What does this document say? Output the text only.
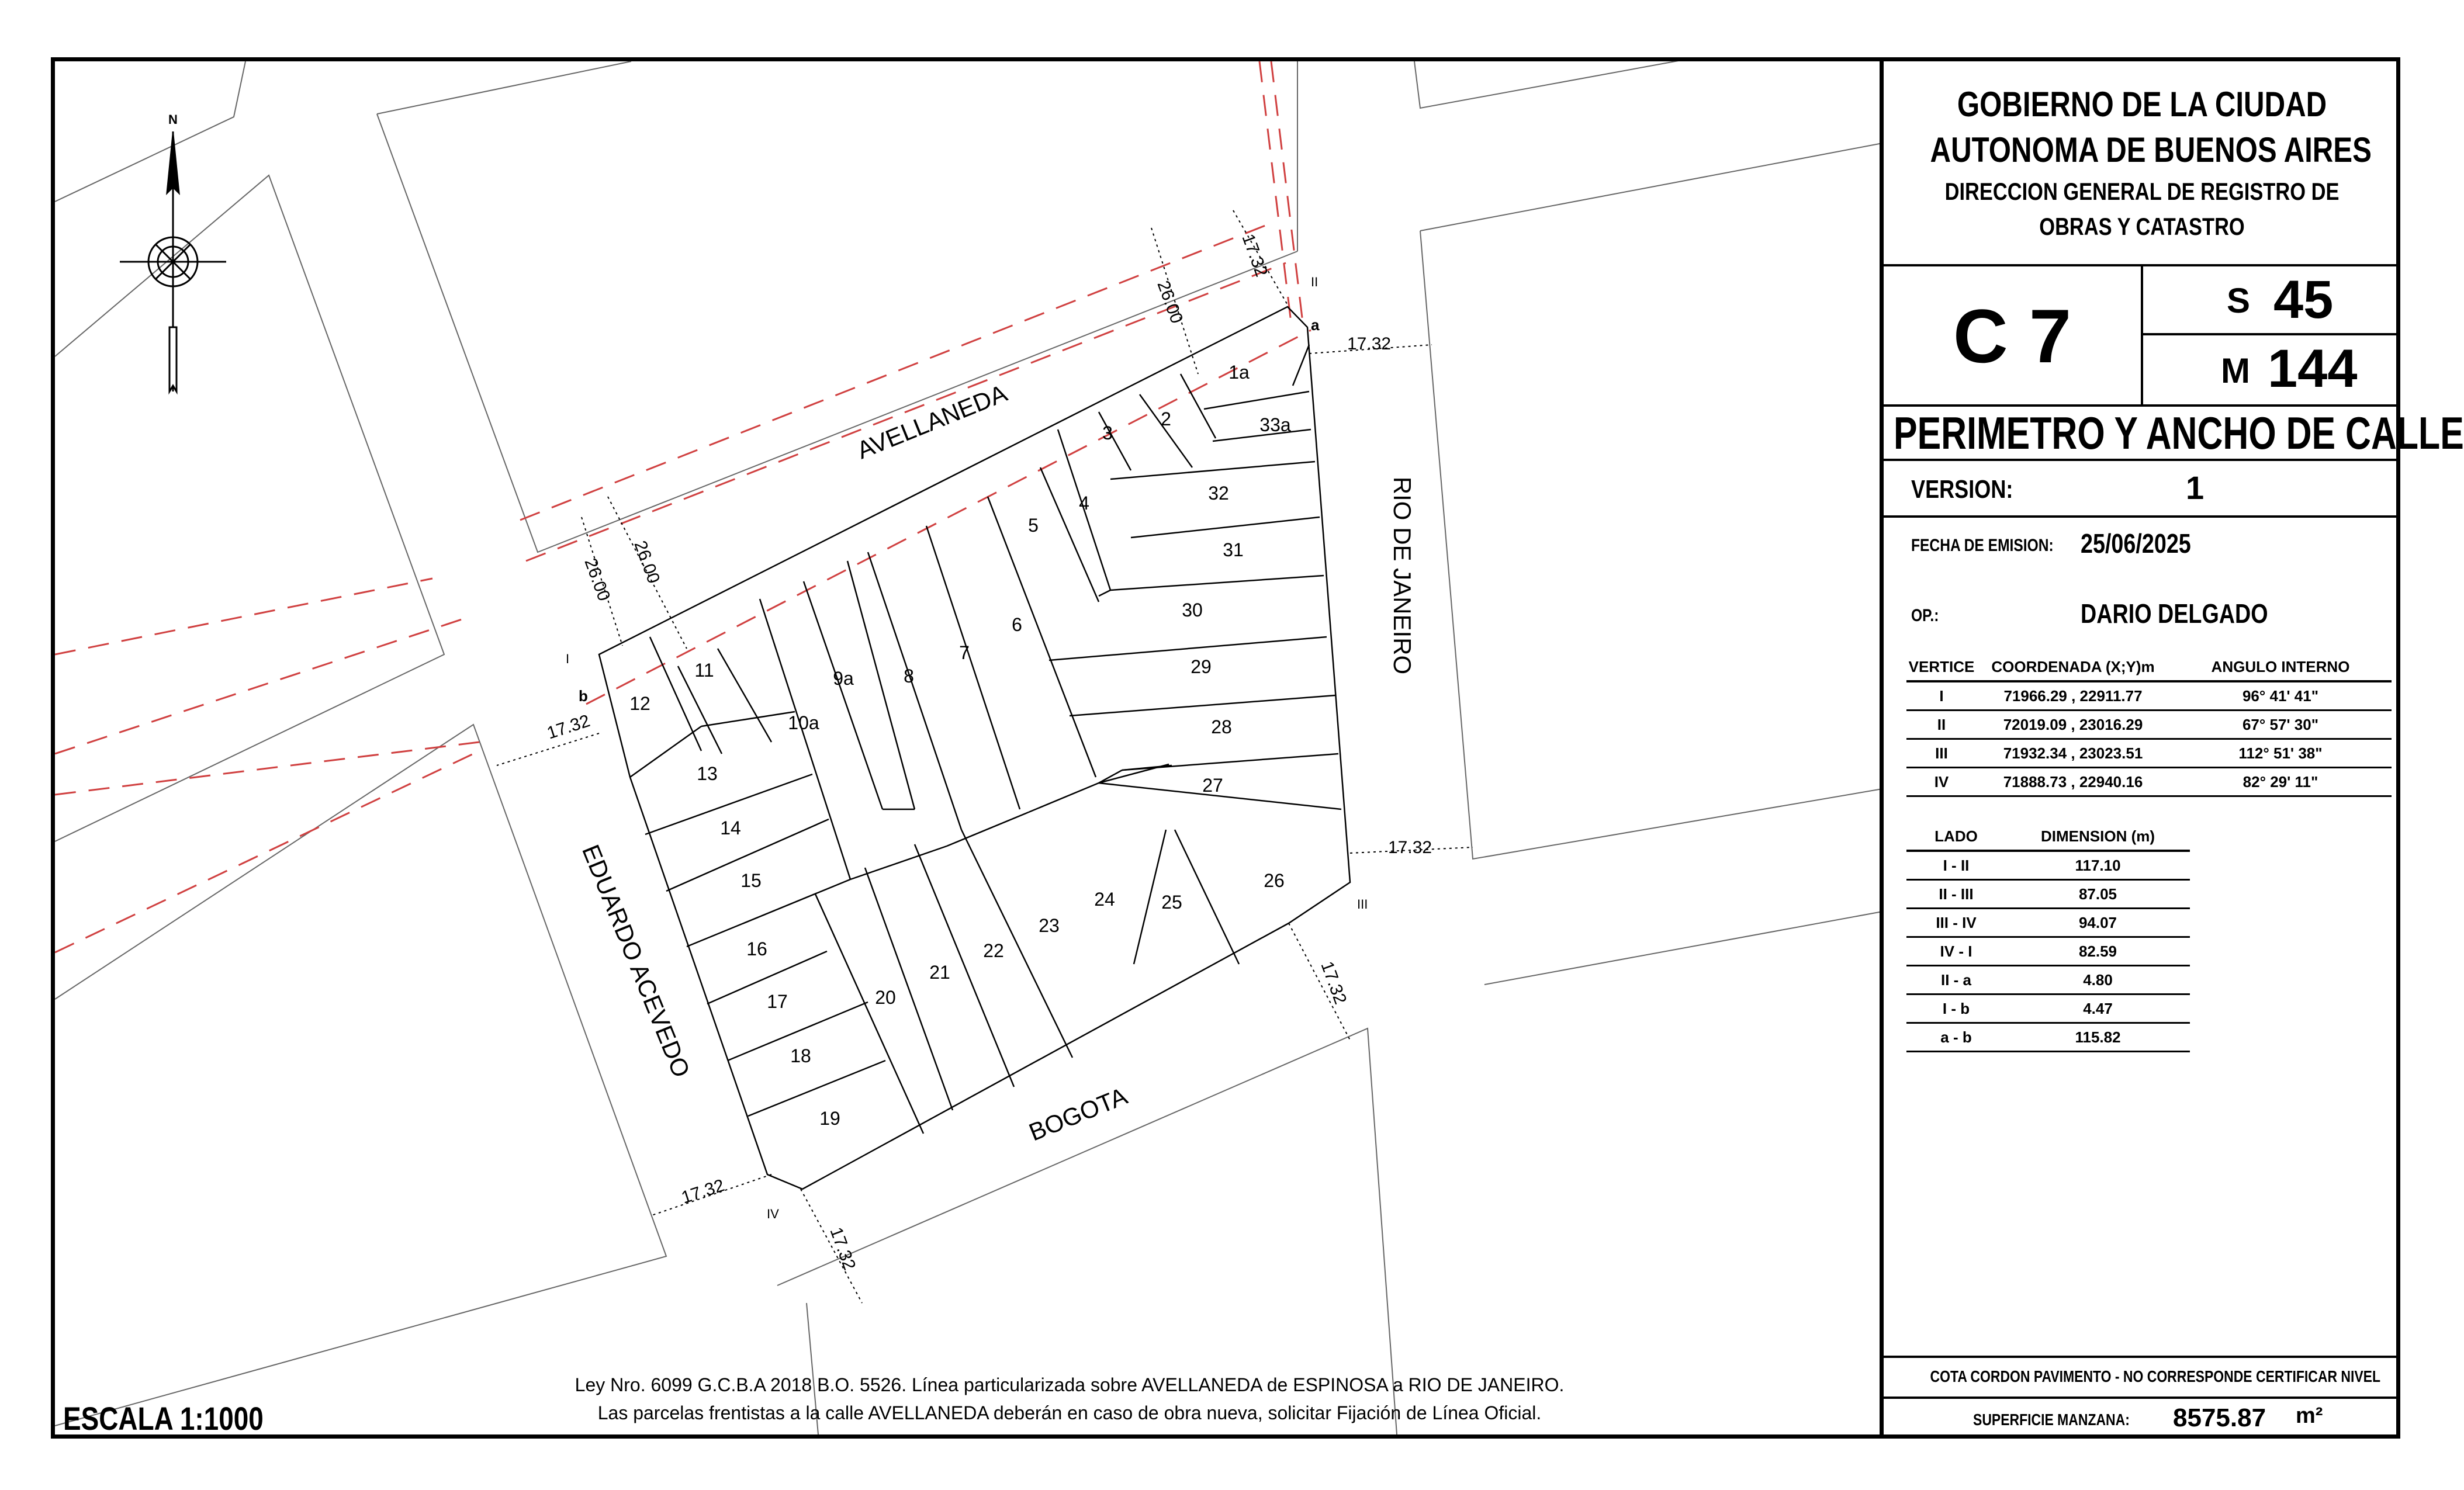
N
AVELLANEDA
RIO DE JANEIRO
EDUARDO ACEVEDO
BOGOTA
17.32
26.00 26.00
17.32
26.00
17.32
17.32
17.32
17.32
17.32
I
II
III
IV
a
b
1a
2
3
4
5
6
7
8
9a
10a
11
12
13
14
15
16
17
18
19
20
21
22
23
24 25
26
27
28
29
30
31
32
33a
GOBIERNO DE LA CIUDAD
AUTONOMA DE BUENOS AIRES
DIRECCION GENERAL DE REGISTRO DE
OBRAS Y CATASTRO
C 7	S 45
M 144
PERIMETRO Y ANCHO DE CALLE
VERSION:	1
FECHA DE EMISION: 25/06/2025
OP.:	DARIO DELGADO
VERTICE	COORDENADA (X;Y)m	ANGULO INTERNO
I	71966.29 , 22911.77	96° 41' 41"
II	72019.09 , 23016.29	67° 57' 30"
III	71932.34 , 23023.51	112° 51' 38"
IV	71888.73 , 22940.16	82° 29' 11"
LADO	DIMENSION (m)
I - II	117.10
II - III	87.05
III - IV	94.07
IV - I	82.59
II - a	4.80
I - b	4.47
a - b	115.82
COTA CORDON PAVIMENTO - NO CORRESPONDE CERTIFICAR NIVEL
SUPERFICIE MANZANA: 8575.87 m²
ESCALA 1:1000
Ley Nro. 6099 G.C.B.A 2018 B.O. 5526. Línea particularizada sobre AVELLANEDA de ESPINOSA a RIO DE JANEIRO.
Las parcelas frentistas a la calle AVELLANEDA deberán en caso de obra nueva, solicitar Fijación de Línea Oficial.
